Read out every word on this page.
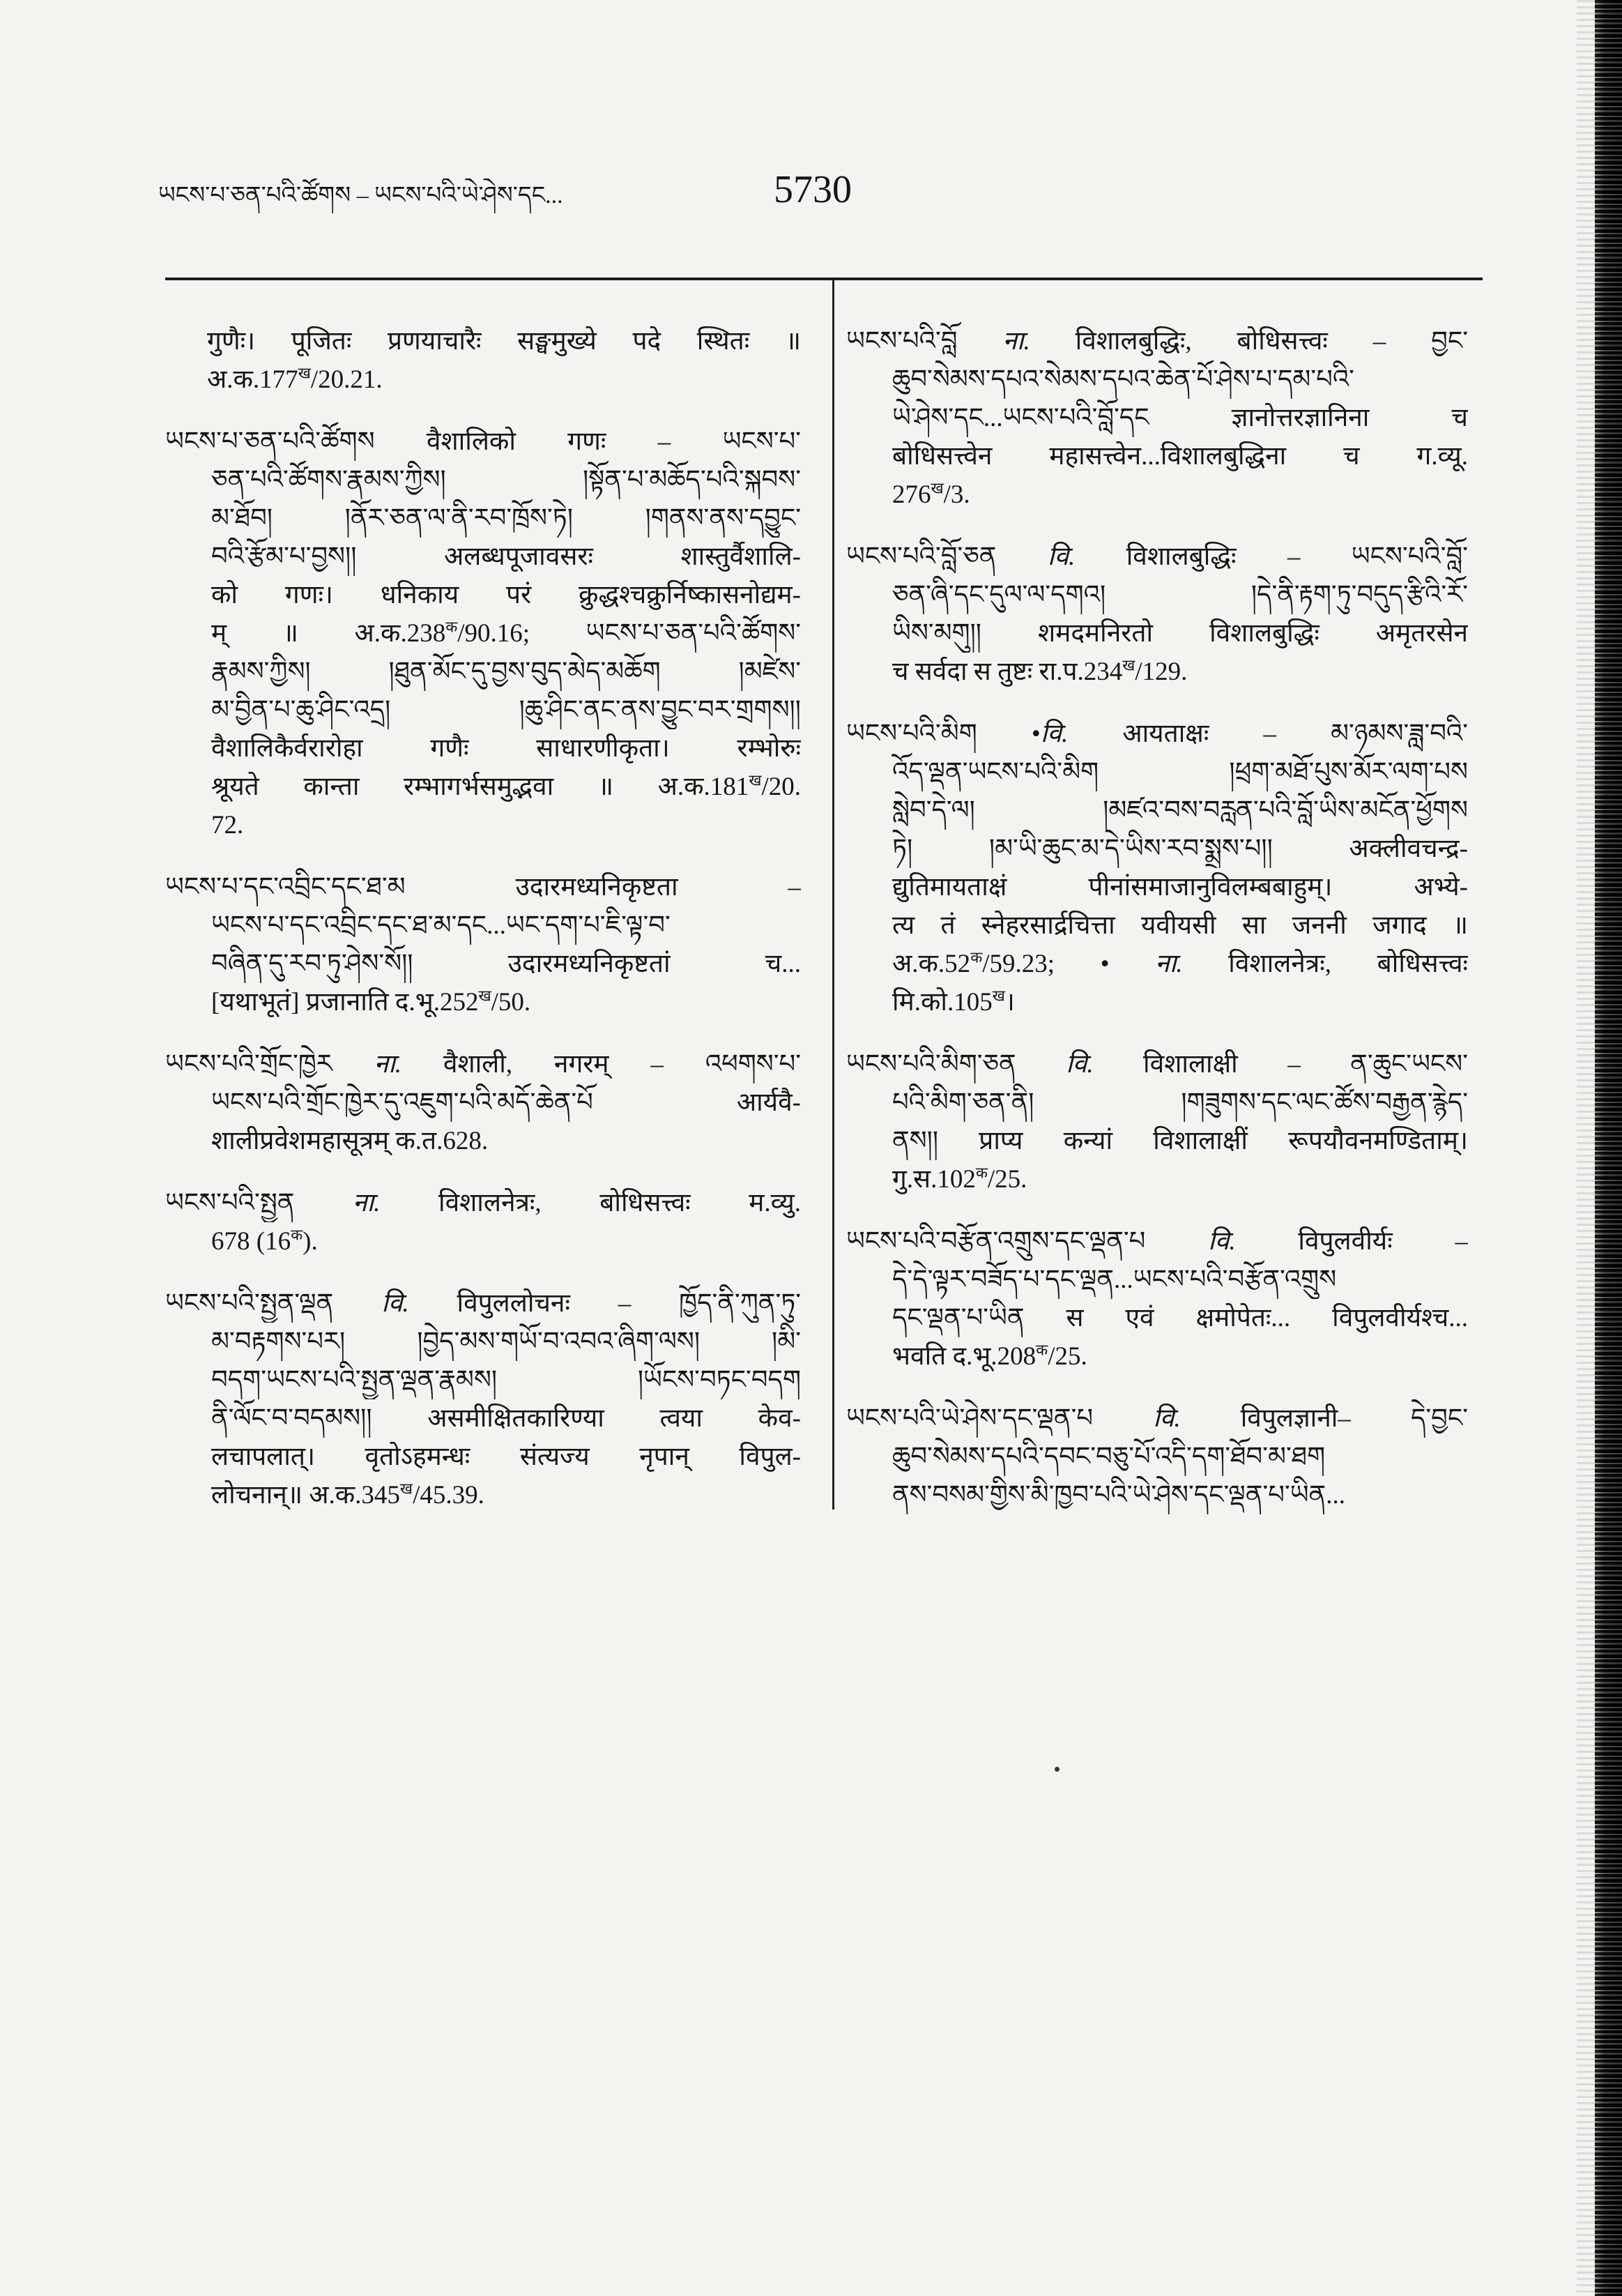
ཡངས་པ་ཅན་པའི་ཚོགས – ཡངས་པའི་ཡེ་ཤེས་དང...	5730
गुणैः। पूजितः प्रणयाचारैः सङ्घमुख्ये पदे स्थितः ॥
$अ.क.177^ख/20.21$.
ཡངས་པ་ཅན་པའི་ཚོགས वैशालिको गणः – ཡངས་པ་
ཅན་པའི་ཚོགས་རྣམས་ཀྱིས། །སྟོན་པ་མཆོད་པའི་སྐབས་
མ་ཐོབ། །ནོར་ཅན་ལ་ནི་རབ་ཁྲོས་ཏེ། །གནས་ནས་དབྱུང་
བའི་རྩོམ་པ་བྱས།། अलब्धपूजावसरः शास्तुर्वैशालि-
को गणः। धनिकाय परं क्रुद्धश्चक्रुर्निष्कासनोद्यम-
म् ॥ $अ.क.238^क/90.16$; ཡངས་པ་ཅན་པའི་ཚོགས་
རྣམས་ཀྱིས། །ཐུན་མོང་དུ་བྱས་བུད་མེད་མཆོག །མཛེས་
མ་བྱིན་པ་ཆུ་ཤིང་འདྲ། །ཆུ་ཤིང་ནང་ནས་བྱུང་བར་གྲགས།།
वैशालिकैर्वरारोहा गणैः साधारणीकृता। रम्भोरुः
श्रूयते कान्ता रम्भागर्भसमुद्भवा ॥ $अ.क.181^ख/20$.
72.
ཡངས་པ་དང་འབྲིང་དང་ཐ་མ उदारमध्यनिकृष्टता –
ཡངས་པ་དང་འབྲིང་དང་ཐ་མ་དང...ཡང་དག་པ་ཇི་ལྟ་བ་
བཞིན་དུ་རབ་ཏུ་ཤེས་སོ།། उदारमध्यनिकृष्टतां च...
[यथाभूतं] प्रजानाति $द.भू.252^ख/50$.
ཡངས་པའི་གྲོང་ཁྱེར ना. वैशाली, नगरम् – འཕགས་པ་
ཡངས་པའི་གྲོང་ཁྱེར་དུ་འཇུག་པའི་མདོ་ཆེན་པོ आर्यवै-
शालीप्रवेशमहासूत्रम् क.त.628.
ཡངས་པའི་སྤྱན ना. विशालनेत्रः, बोधिसत्त्वः म.व्यु.
678 $(16^क)$.
ཡངས་པའི་སྤྱན་ལྡན वि. विपुललोचनः – ཁྱོད་ནི་ཀུན་ཏུ་
མ་བརྟགས་པར། །བྱེད་མས་གཡོ་བ་འབའ་ཞིག་ལས། །མི་
བདག་ཡངས་པའི་སྤྱན་ལྡན་རྣམས། །ཡོངས་བཏང་བདག
ནི་ལོང་བ་བདམས།། असमीक्षितकारिण्या त्वया केव-
लचापलात्। वृतोऽहमन्धः संत्यज्य नृपान् विपुल-
लोचनान्॥ $अ.क.345^ख/45.39$.
ཡངས་པའི་བློ ना. विशालबुद्धिः, बोधिसत्त्वः – བྱང་
ཆུབ་སེམས་དཔའ་སེམས་དཔའ་ཆེན་པོ་ཤེས་པ་དམ་པའི་
ཡེ་ཤེས་དང...ཡངས་པའི་བློ་དང ज्ञानोत्तरज्ञानिना च
बोधिसत्त्वेन महासत्त्वेन...विशालबुद्धिना च ग.व्यू.
$276^ख/3$.
ཡངས་པའི་བློ་ཅན वि. विशालबुद्धिः – ཡངས་པའི་བློ་
ཅན་ཞི་དང་དུལ་ལ་དགའ། །དེ་ནི་རྟག་ཏུ་བདུད་རྩིའི་རོ་
ཡིས་མགུ།། शमदमनिरतो विशालबुद्धिः अमृतरसेन
च सर्वदा स तुष्टः $रा.प.234^ख/129$.
ཡངས་པའི་མིག •वि. आयताक्षः – མ་ཉམས་ཟླ་བའི་
འོད་ལྡན་ཡངས་པའི་མིག །ཕྲག་མཐོ་པུས་མོར་ལག་པས
སླེབ་དེ་ལ། །མཛའ་བས་བརླན་པའི་བློ་ཡིས་མངོན་ཕྱོགས
ཏེ། །མ་ཡི་ཆུང་མ་དེ་ཡིས་རབ་སྨྲས་པ།། अक्लीवचन्द्र-
द्युतिमायताक्षं पीनांसमाजानुविलम्बबाहुम्। अभ्ये-
त्य तं स्नेहरसार्द्रचित्ता यवीयसी सा जननी जगाद ॥
$अ.क.52^क/59.23$; • ना. विशालनेत्रः, बोधिसत्त्वः
$मि.को.105^ख।$
ཡངས་པའི་མིག་ཅན वि. विशालाक्षी – ན་ཆུང་ཡངས་
པའི་མིག་ཅན་ནི། །གཟུགས་དང་ལང་ཚོས་བརྒྱན་རྙེད་
ནས།། प्राप्य कन्यां विशालाक्षीं रूपयौवनमण्डिताम्।
$गु.स.102^क/25$.
ཡངས་པའི་བརྩོན་འགྲུས་དང་ལྡན་པ वि. विपुलवीर्यः –
དེ་དེ་ལྟར་བཟོད་པ་དང་ལྡན...ཡངས་པའི་བརྩོན་འགྲུས
དང་ལྡན་པ་ཡིན स एवं क्षमोपेतः... विपुलवीर्यश्च...
भवति $द.भू.208^क/25$.
ཡངས་པའི་ཡེ་ཤེས་དང་ལྡན་པ वि. विपुलज्ञानी– དེ་བྱང་
ཆུབ་སེམས་དཔའི་དབང་བཅུ་པོ་འདི་དག་ཐོབ་མ་ཐག
ནས་བསམ་གྱིས་མི་ཁྱབ་པའི་ཡེ་ཤེས་དང་ལྡན་པ་ཡིན...
